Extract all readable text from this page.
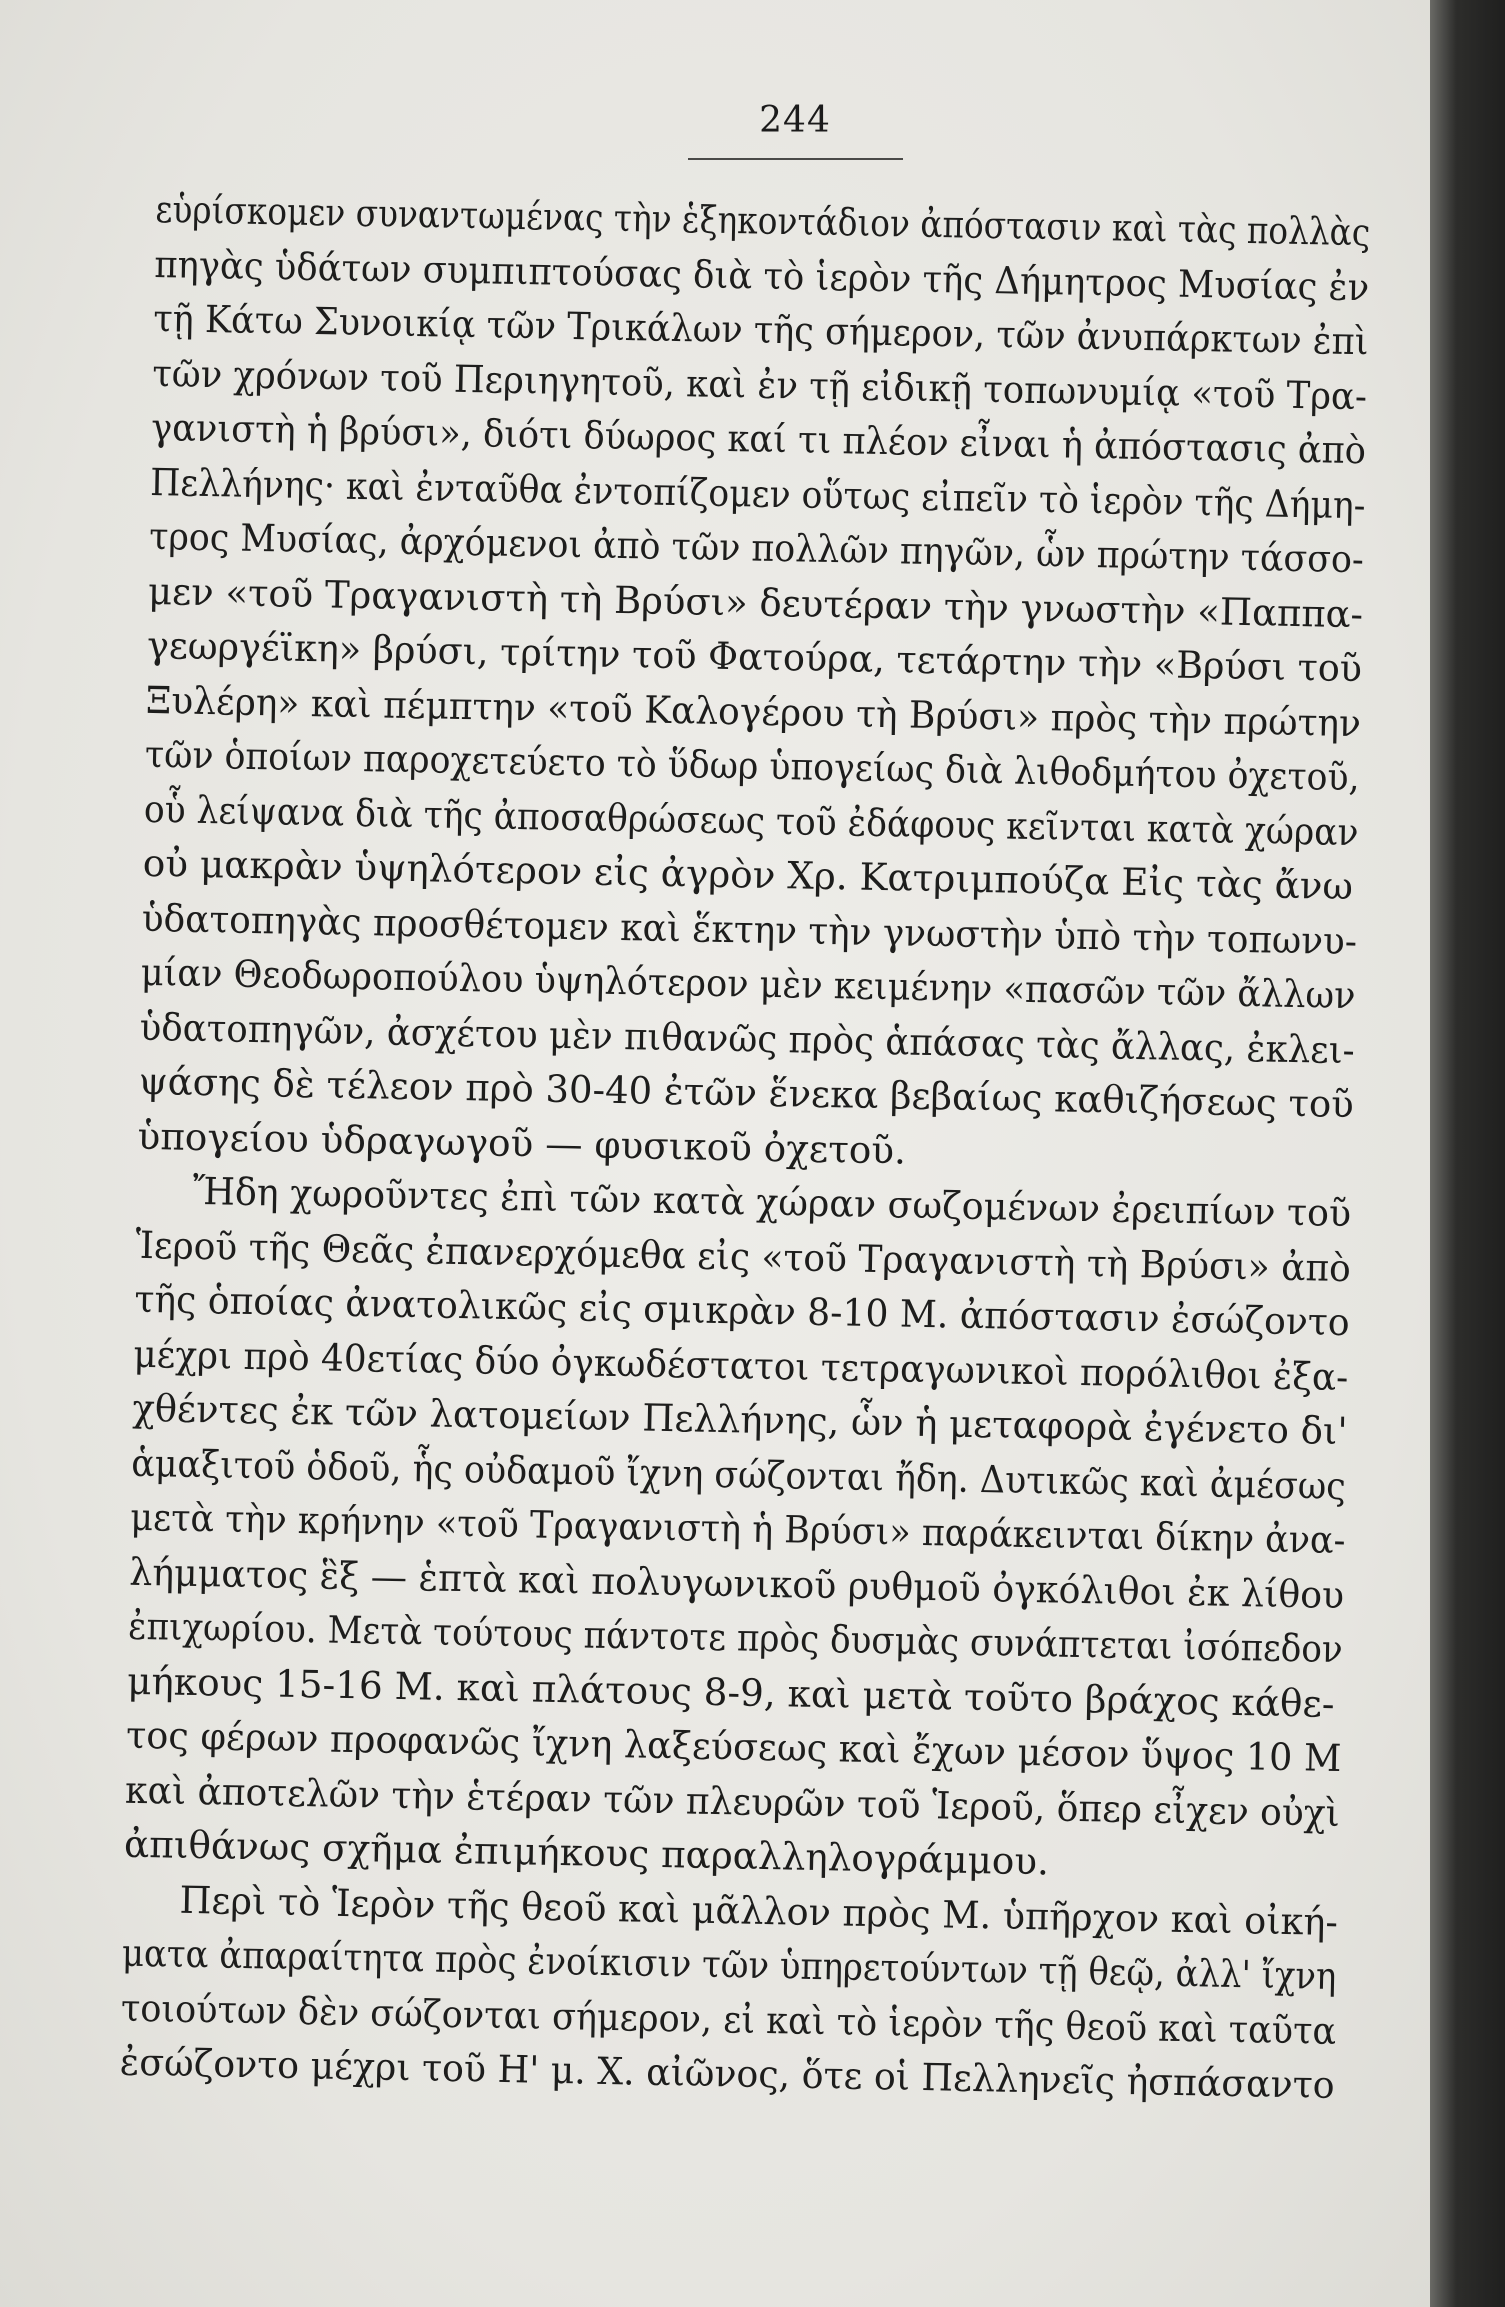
244
εὑρίσκομεν συναντωμένας τὴν ἑξηκοντάδιον ἀπόστασιν καὶ τὰς πολλὰς
πηγὰς ὑδάτων συμπιπτούσας διὰ τὸ ἱερὸν τῆς Δήμητρος Μυσίας ἐν
τῇ Κάτω Συνοικίᾳ τῶν Τρικάλων τῆς σήμερον, τῶν ἀνυπάρκτων ἐπὶ
τῶν χρόνων τοῦ Περιηγητοῦ, καὶ ἐν τῇ εἰδικῇ τοπωνυμίᾳ «τοῦ Τρα-
γανιστὴ ἡ βρύσι», διότι δύωρος καί τι πλέον εἶναι ἡ ἀπόστασις ἀπὸ
Πελλήνης· καὶ ἐνταῦθα ἐντοπίζομεν οὕτως εἰπεῖν τὸ ἱερὸν τῆς Δήμη-
τρος Μυσίας, ἀρχόμενοι ἀπὸ τῶν πολλῶν πηγῶν, ὧν πρώτην τάσσο-
μεν «τοῦ Τραγανιστὴ τὴ Βρύσι» δευτέραν τὴν γνωστὴν «Παππα-
γεωργέϊκη» βρύσι, τρίτην τοῦ Φατούρα, τετάρτην τὴν «Βρύσι τοῦ
Ξυλέρη» καὶ πέμπτην «τοῦ Καλογέρου τὴ Βρύσι» πρὸς τὴν πρώτην
τῶν ὁποίων παροχετεύετο τὸ ὕδωρ ὑπογείως διὰ λιθοδμήτου ὀχετοῦ,
οὗ λείψανα διὰ τῆς ἀποσαθρώσεως τοῦ ἐδάφους κεῖνται κατὰ χώραν
οὐ μακρὰν ὑψηλότερον εἰς ἀγρὸν Χρ. Κατριμπούζα Εἰς τὰς ἄνω
ὑδατοπηγὰς προσθέτομεν καὶ ἕκτην τὴν γνωστὴν ὑπὸ τὴν τοπωνυ-
μίαν Θεοδωροπούλου ὑψηλότερον μὲν κειμένην «πασῶν τῶν ἄλλων
ὑδατοπηγῶν, ἀσχέτου μὲν πιθανῶς πρὸς ἁπάσας τὰς ἄλλας, ἐκλει-
ψάσης δὲ τέλεον πρὸ 30-40 ἐτῶν ἕνεκα βεβαίως καθιζήσεως τοῦ
ὑπογείου ὑδραγωγοῦ — φυσικοῦ ὀχετοῦ.
Ἤδη χωροῦντες ἐπὶ τῶν κατὰ χώραν σωζομένων ἐρειπίων τοῦ
Ἱεροῦ τῆς Θεᾶς ἐπανερχόμεθα εἰς «τοῦ Τραγανιστὴ τὴ Βρύσι» ἀπὸ
τῆς ὁποίας ἀνατολικῶς εἰς σμικρὰν 8-10 Μ. ἀπόστασιν ἐσώζοντο
μέχρι πρὸ 40ετίας δύο ὀγκωδέστατοι τετραγωνικοὶ πορόλιθοι ἐξα-
χθέντες ἐκ τῶν λατομείων Πελλήνης, ὧν ἡ μεταφορὰ ἐγένετο δι'
ἁμαξιτοῦ ὁδοῦ, ἧς οὐδαμοῦ ἴχνη σώζονται ἤδη. Δυτικῶς καὶ ἀμέσως
μετὰ τὴν κρήνην «τοῦ Τραγανιστὴ ἡ Βρύσι» παράκεινται δίκην ἀνα-
λήμματος ἓξ — ἑπτὰ καὶ πολυγωνικοῦ ρυθμοῦ ὀγκόλιθοι ἐκ λίθου
ἐπιχωρίου. Μετὰ τούτους πάντοτε πρὸς δυσμὰς συνάπτεται ἰσόπεδον
μήκους 15-16 Μ. καὶ πλάτους 8-9, καὶ μετὰ τοῦτο βράχος κάθε-
τος φέρων προφανῶς ἴχνη λαξεύσεως καὶ ἔχων μέσον ὕψος 10 Μ
καὶ ἀποτελῶν τὴν ἑτέραν τῶν πλευρῶν τοῦ Ἱεροῦ, ὅπερ εἶχεν οὐχὶ
ἀπιθάνως σχῆμα ἐπιμήκους παραλληλογράμμου.
Περὶ τὸ Ἱερὸν τῆς θεοῦ καὶ μᾶλλον πρὸς Μ. ὑπῆρχον καὶ οἰκή-
ματα ἀπαραίτητα πρὸς ἐνοίκισιν τῶν ὑπηρετούντων τῇ θεῷ, ἀλλ' ἴχνη
τοιούτων δὲν σώζονται σήμερον, εἰ καὶ τὸ ἱερὸν τῆς θεοῦ καὶ ταῦτα
ἐσώζοντο μέχρι τοῦ Η' μ. Χ. αἰῶνος, ὅτε οἱ Πελληνεῖς ἠσπάσαντο
